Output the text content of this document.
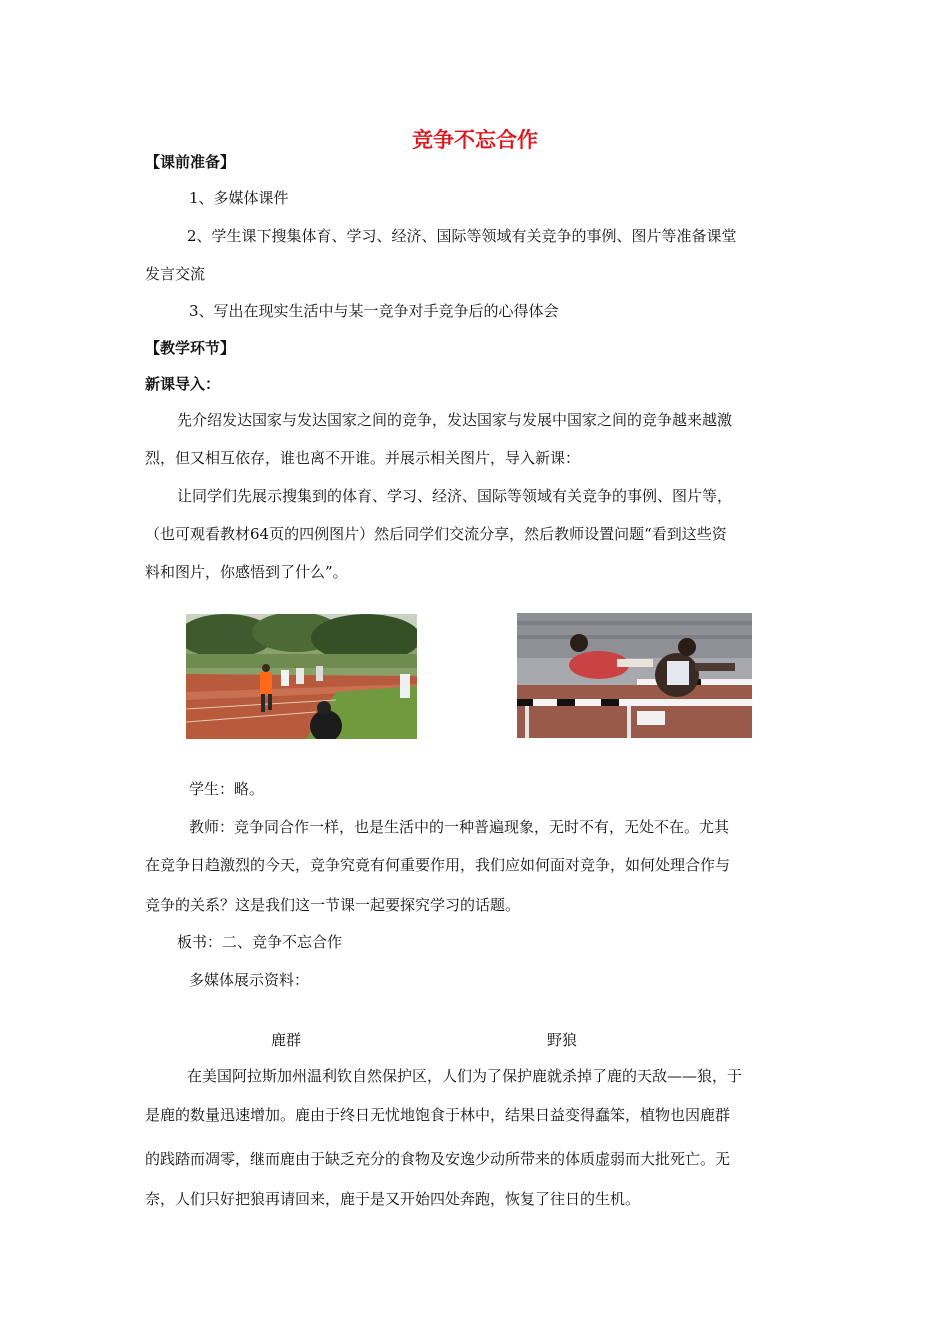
竞争不忘合作
【课前准备】
1、多媒体课件
2、学生课下搜集体育、学习、经济、国际等领域有关竞争的事例、图片等准备课堂
发言交流
3、写出在现实生活中与某一竞争对手竞争后的心得体会
【教学环节】
新课导入：
先介绍发达国家与发达国家之间的竞争，发达国家与发展中国家之间的竞争越来越激
烈，但又相互依存，谁也离不开谁。并展示相关图片，导入新课：
让同学们先展示搜集到的体育、学习、经济、国际等领域有关竞争的事例、图片等，
（也可观看教材64页的四例图片）然后同学们交流分享，然后教师设置问题“看到这些资
料和图片，你感悟到了什么”。
学生：略。
教师：竞争同合作一样，也是生活中的一种普遍现象，无时不有，无处不在。尤其
在竞争日趋激烈的今天，竞争究竟有何重要作用，我们应如何面对竞争，如何处理合作与
竞争的关系？这是我们这一节课一起要探究学习的话题。
板书：二、竞争不忘合作
多媒体展示资料：
鹿群	野狼
在美国阿拉斯加州温利钦自然保护区，人们为了保护鹿就杀掉了鹿的天敌——狼，于
是鹿的数量迅速增加。鹿由于终日无忧地饱食于林中，结果日益变得蠢笨，植物也因鹿群
的践踏而凋零，继而鹿由于缺乏充分的食物及安逸少动所带来的体质虚弱而大批死亡。无
奈，人们只好把狼再请回来，鹿于是又开始四处奔跑，恢复了往日的生机。
